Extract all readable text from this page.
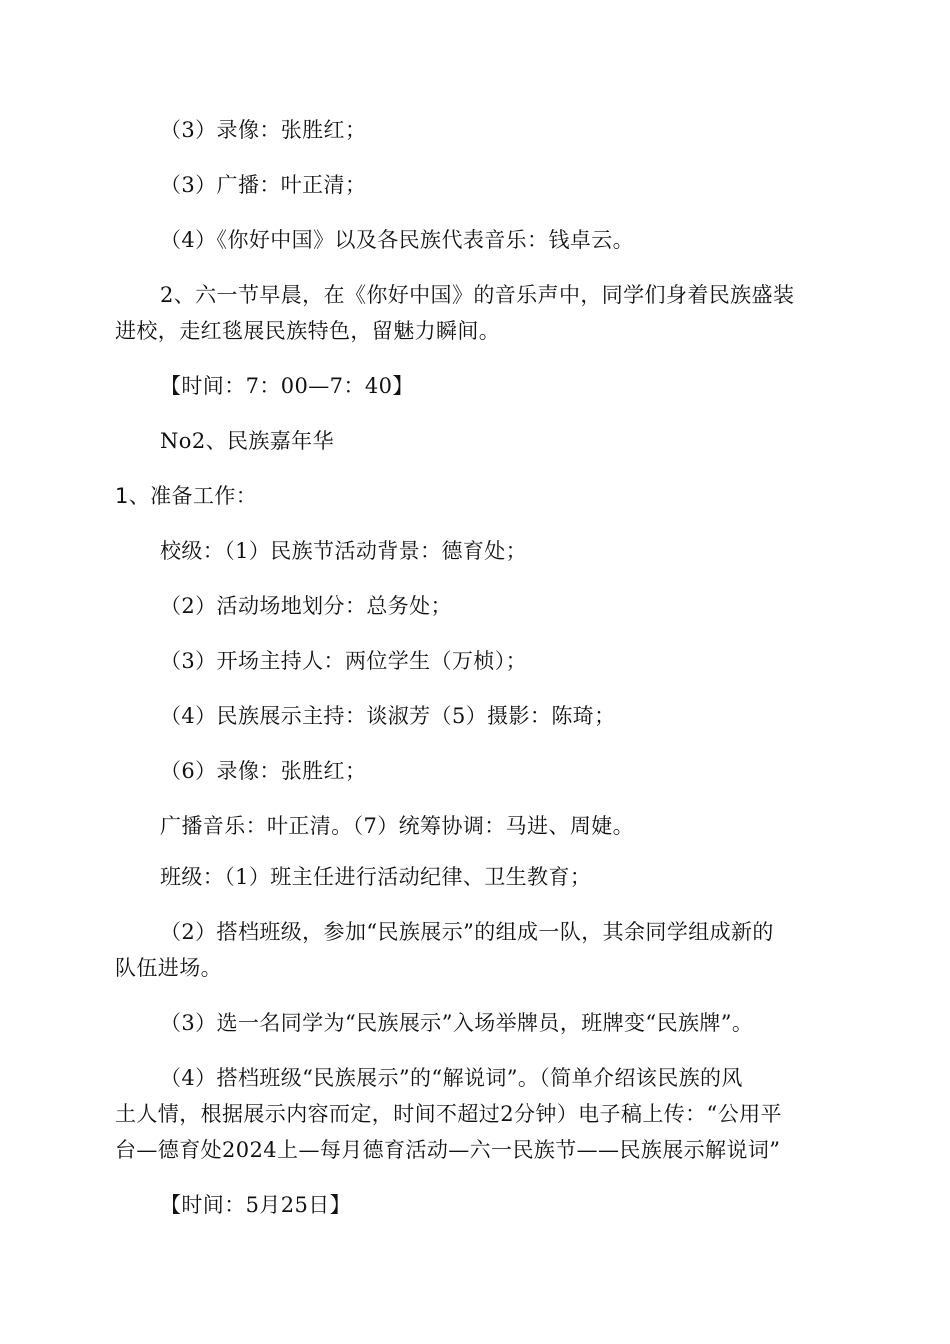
（3）录像：张胜红；
（3）广播：叶正清；
（4）《你好中国》以及各民族代表音乐：钱卓云。
2、六一节早晨，在《你好中国》的音乐声中，同学们身着民族盛装
进校，走红毯展民族特色，留魅力瞬间。
【时间：7：00—7：40】
No2、民族嘉年华
1、准备工作：
校级：（1）民族节活动背景：德育处；
（2）活动场地划分：总务处；
（3）开场主持人：两位学生（万桢）；
（4）民族展示主持：谈淑芳（5）摄影：陈琦；
（6）录像：张胜红；
广播音乐：叶正清。（7）统筹协调：马进、周婕。
班级：（1）班主任进行活动纪律、卫生教育；
（2）搭档班级，参加“民族展示”的组成一队，其余同学组成新的
队伍进场。
（3）选一名同学为“民族展示”入场举牌员，班牌变“民族牌”。
（4）搭档班级“民族展示”的“解说词”。（简单介绍该民族的风
土人情，根据展示内容而定，时间不超过2分钟）电子稿上传：“公用平
台—德育处2024上—每月德育活动—六一民族节——民族展示解说词”
【时间：5月25日】
